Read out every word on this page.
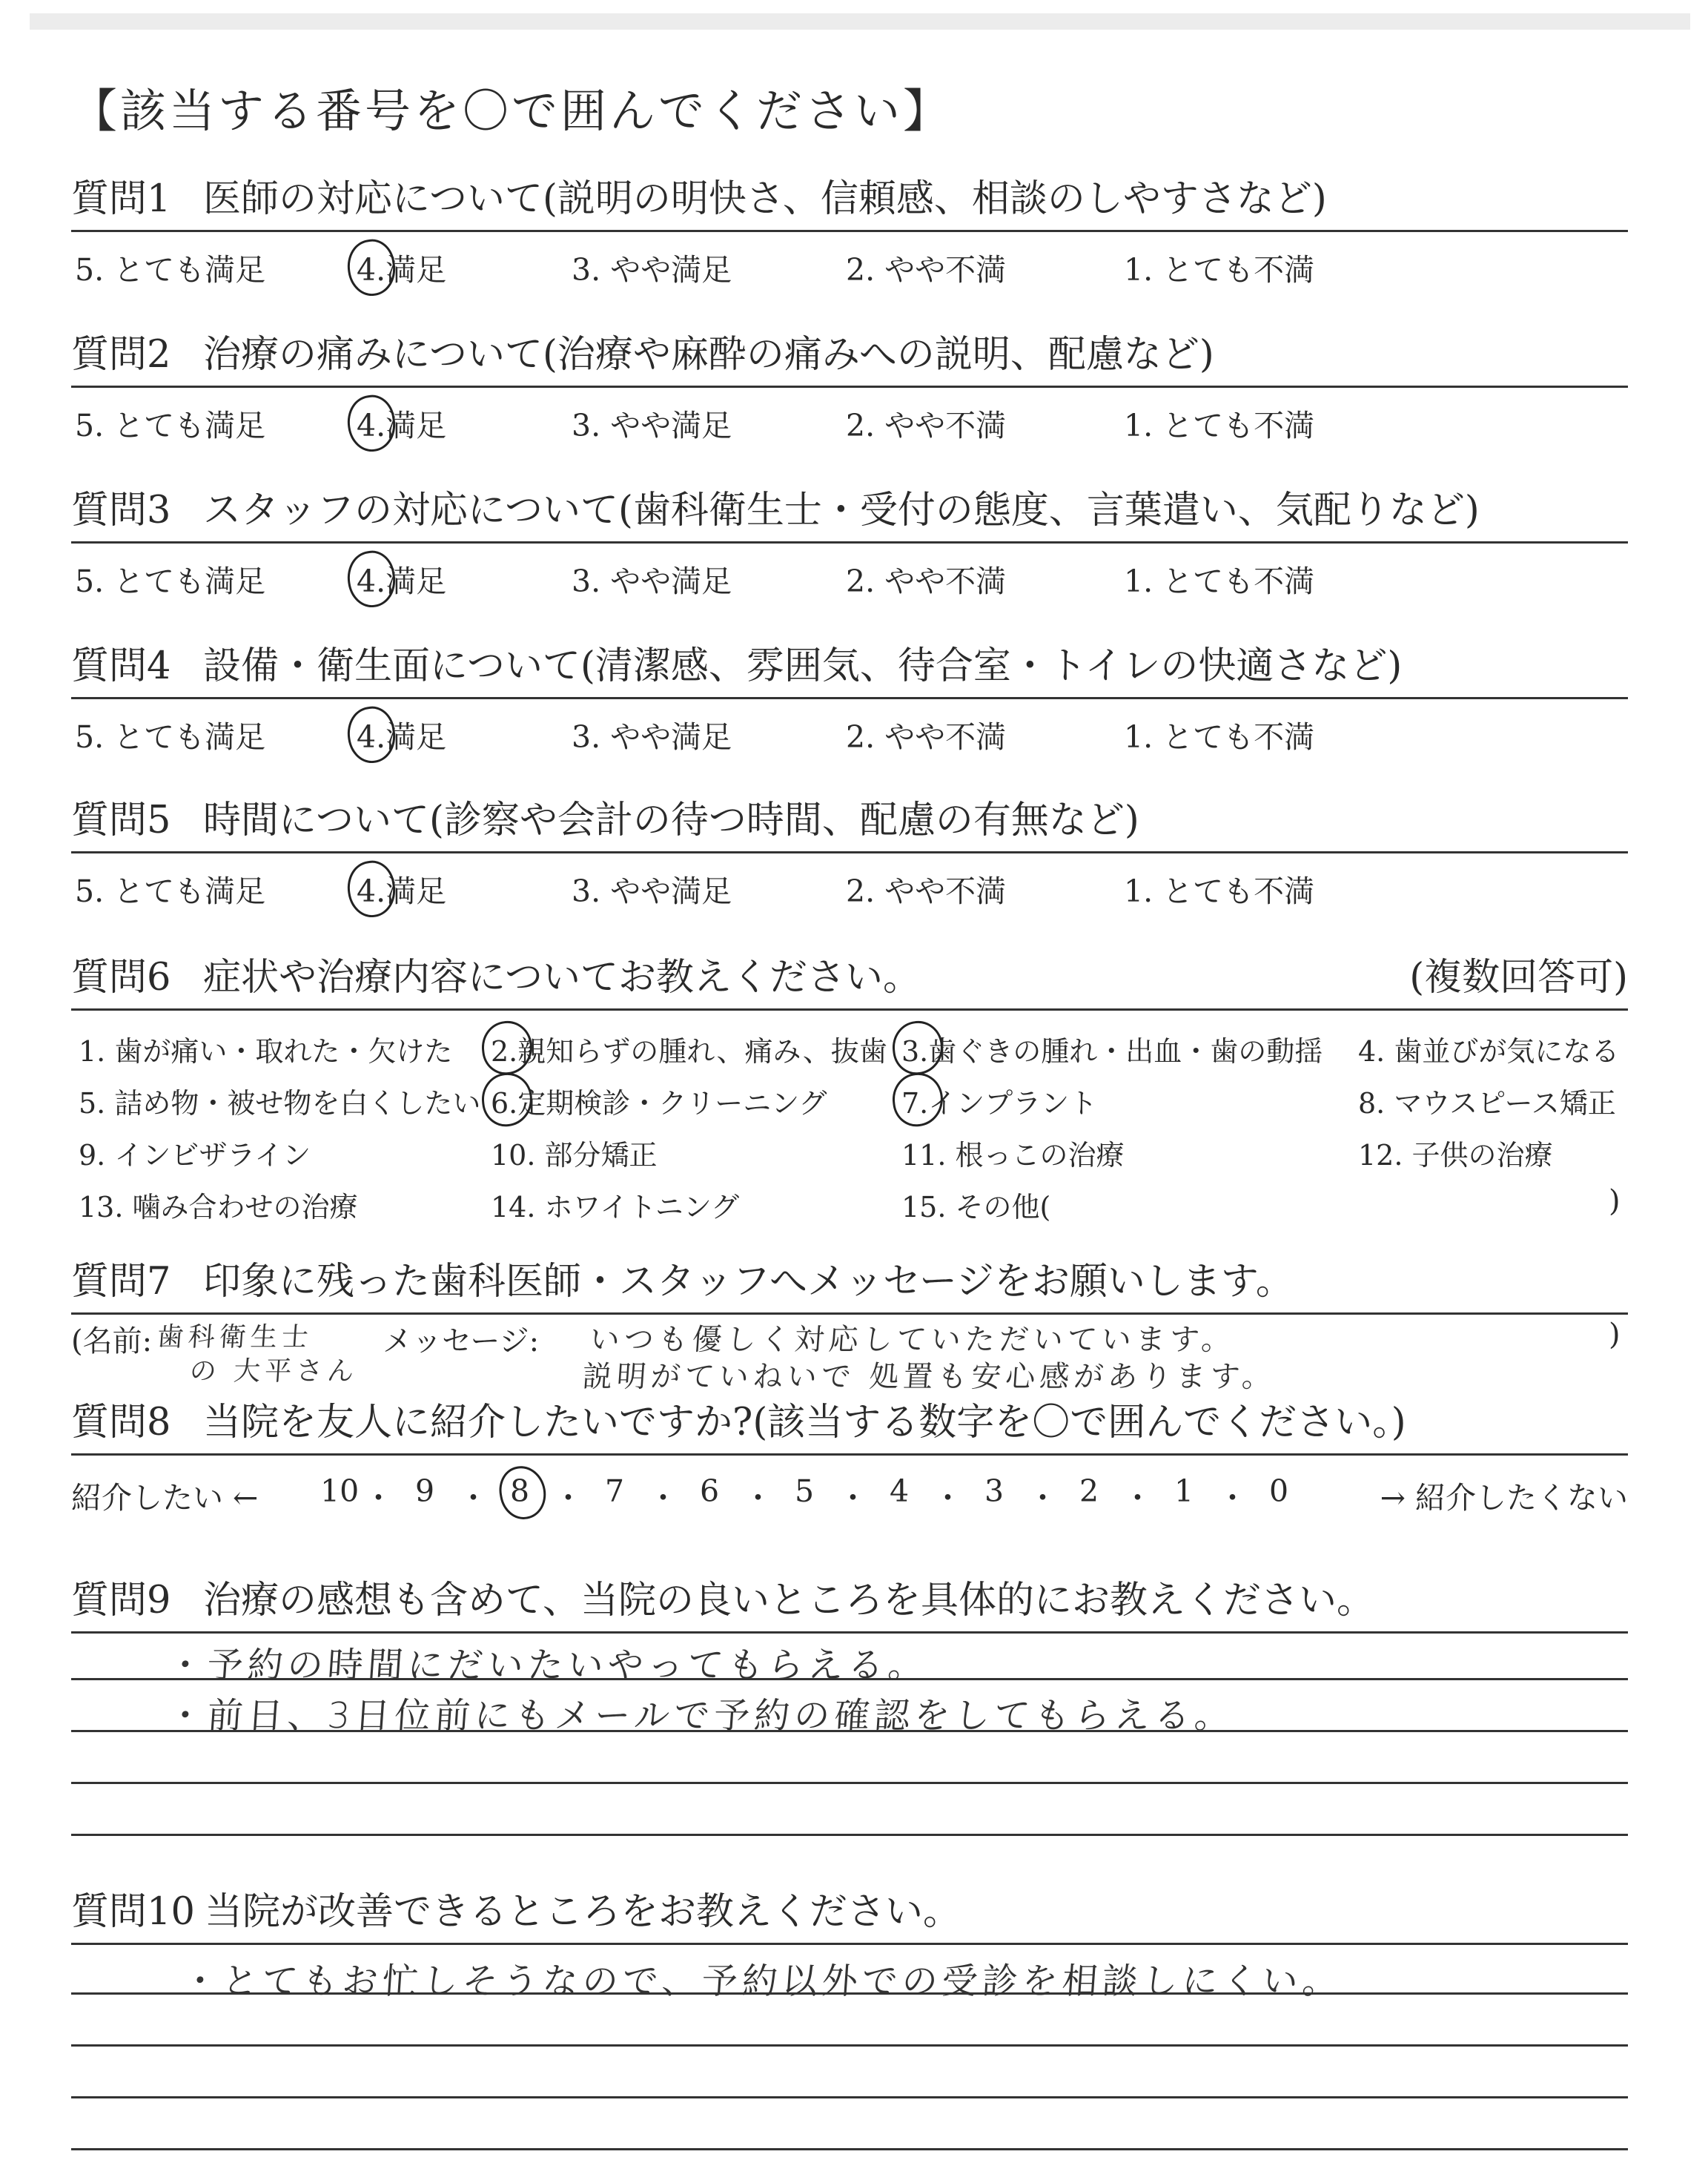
【該当する番号を〇で囲んでください】
質問1 医師の対応について(説明の明快さ、信頼感、相談のしやすさなど)
5. とても満足	4.満足	3. やや満足	2. やや不満	1. とても不満
質問2 治療の痛みについて(治療や麻酔の痛みへの説明、配慮など)
5. とても満足	4.満足	3. やや満足	2. やや不満	1. とても不満
質問3 スタッフの対応について(歯科衛生士・受付の態度、言葉遣い、気配りなど)
5. とても満足	4.満足	3. やや満足	2. やや不満	1. とても不満
質問4 設備・衛生面について(清潔感、雰囲気、待合室・トイレの快適さなど)
5. とても満足	4.満足	3. やや満足	2. やや不満	1. とても不満
質問5 時間について(診察や会計の待つ時間、配慮の有無など)
5. とても満足	4.満足	3. やや満足	2. やや不満	1. とても不満
質問6 症状や治療内容についてお教えください。	(複数回答可)
1. 歯が痛い・取れた・欠けた 2.親知らずの腫れ、痛み、抜歯 3.歯ぐきの腫れ・出血・歯の動揺 4. 歯並びが気になる
5. 詰め物・被せ物を白くしたい 6.定期検診・クリーニング	7.インプラント	8. マウスピース矯正
9. インビザライン	10. 部分矯正	11. 根っこの治療	12. 子供の治療
13. 噛み合わせの治療	14. ホワイトニング	15. その他(	)
質問7 印象に残った歯科医師・スタッフへメッセージをお願いします。
(名前: 歯科衛生士
の 大平さん
メッセージ: いつも優しく対応していただいています。
説明がていねいで 処置も安心感があります。
)
質問8 当院を友人に紹介したいですか?(該当する数字を〇で囲んでください。)
紹介したい ←	→ 紹介したくない
10 ・ 9 ・ 8 ・ 7 ・ 6 ・ 5 ・ 4 ・ 3 ・ 2 ・ 1 ・ 0
質問9 治療の感想も含めて、当院の良いところを具体的にお教えください。
・予約の時間にだいたいやってもらえる。
・前日、3日位前にもメールで予約の確認をしてもらえる。
質問10 当院が改善できるところをお教えください。
・とてもお忙しそうなので、予約以外での受診を相談しにくい。
